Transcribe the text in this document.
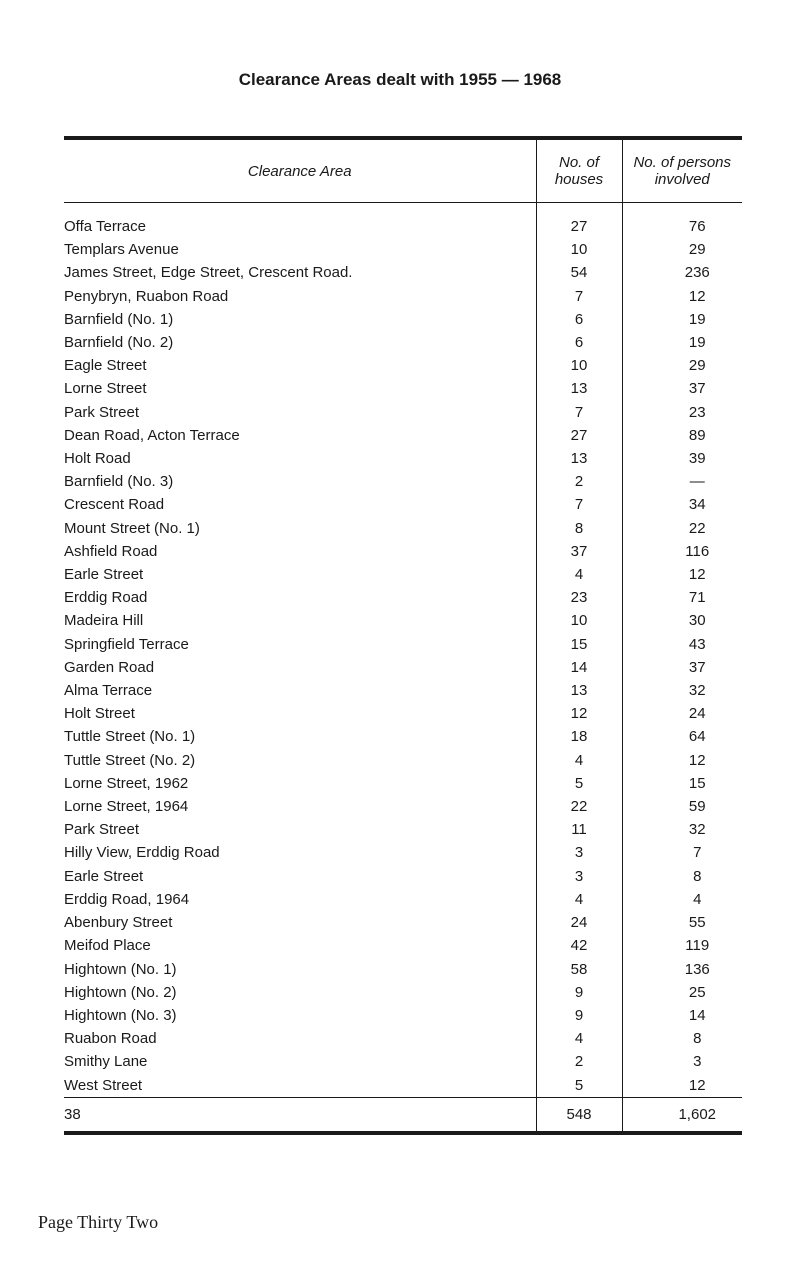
Clearance Areas dealt with 1955 — 1968
Clearance Area	No. of houses	No. of persons involved
Offa Terrace	27	76
Templars Avenue	10	29
James Street, Edge Street, Crescent Road.	54	236
Penybryn, Ruabon Road	7	12
Barnfield (No. 1)	6	19
Barnfield (No. 2)	6	19
Eagle Street	10	29
Lorne Street	13	37
Park Street	7	23
Dean Road, Acton Terrace	27	89
Holt Road	13	39
Barnfield (No. 3)	2	—
Crescent Road	7	34
Mount Street (No. 1)	8	22
Ashfield Road	37	116
Earle Street	4	12
Erddig Road	23	71
Madeira Hill	10	30
Springfield Terrace	15	43
Garden Road	14	37
Alma Terrace	13	32
Holt Street	12	24
Tuttle Street (No. 1)	18	64
Tuttle Street (No. 2)	4	12
Lorne Street, 1962	5	15
Lorne Street, 1964	22	59
Park Street	11	32
Hilly View, Erddig Road	3	7
Earle Street	3	8
Erddig Road, 1964	4	4
Abenbury Street	24	55
Meifod Place	42	119
Hightown (No. 1)	58	136
Hightown (No. 2)	9	25
Hightown (No. 3)	9	14
Ruabon Road	4	8
Smithy Lane	2	3
West Street	5	12
38	548	1,602
Page Thirty Two
